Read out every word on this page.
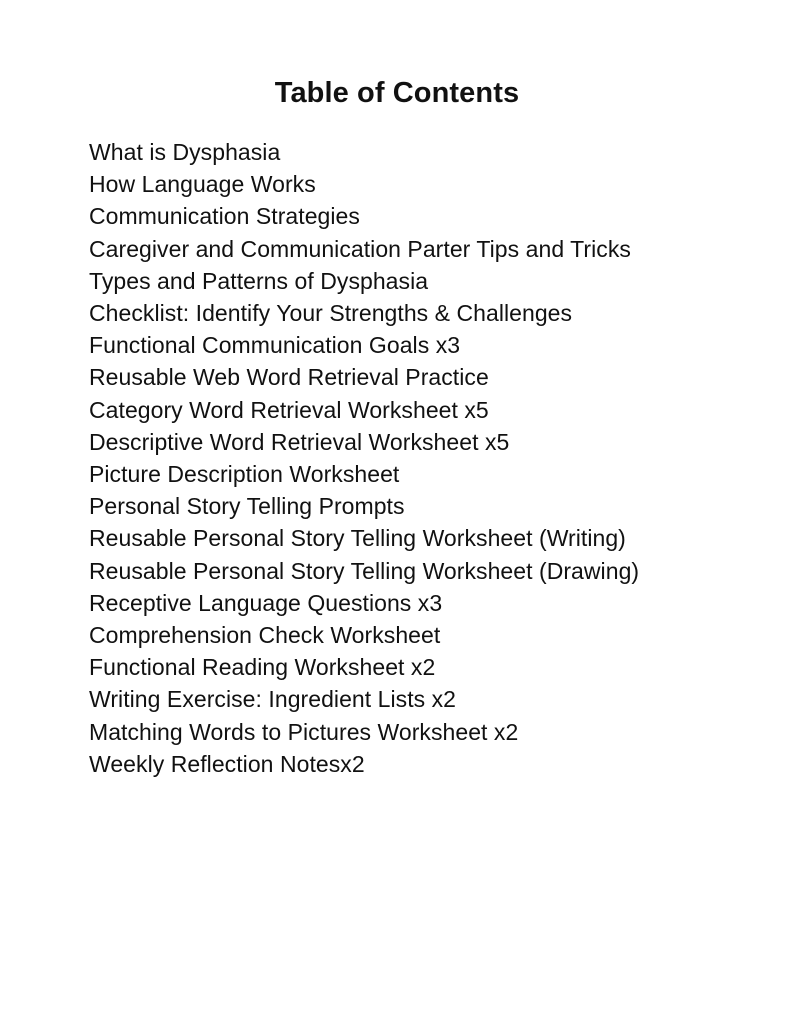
Table of Contents
What is Dysphasia
How Language Works
Communication Strategies
Caregiver and Communication Parter Tips and Tricks
Types and Patterns of Dysphasia
Checklist: Identify Your Strengths & Challenges
Functional Communication Goals x3
Reusable Web Word Retrieval Practice
Category Word Retrieval Worksheet x5
Descriptive Word Retrieval Worksheet x5
Picture Description Worksheet
Personal Story Telling Prompts
Reusable Personal Story Telling Worksheet (Writing)
Reusable Personal Story Telling Worksheet (Drawing)
Receptive Language Questions x3
Comprehension Check Worksheet
Functional Reading Worksheet x2
Writing Exercise: Ingredient Lists x2
Matching Words to Pictures Worksheet x2
Weekly Reflection Notesx2
